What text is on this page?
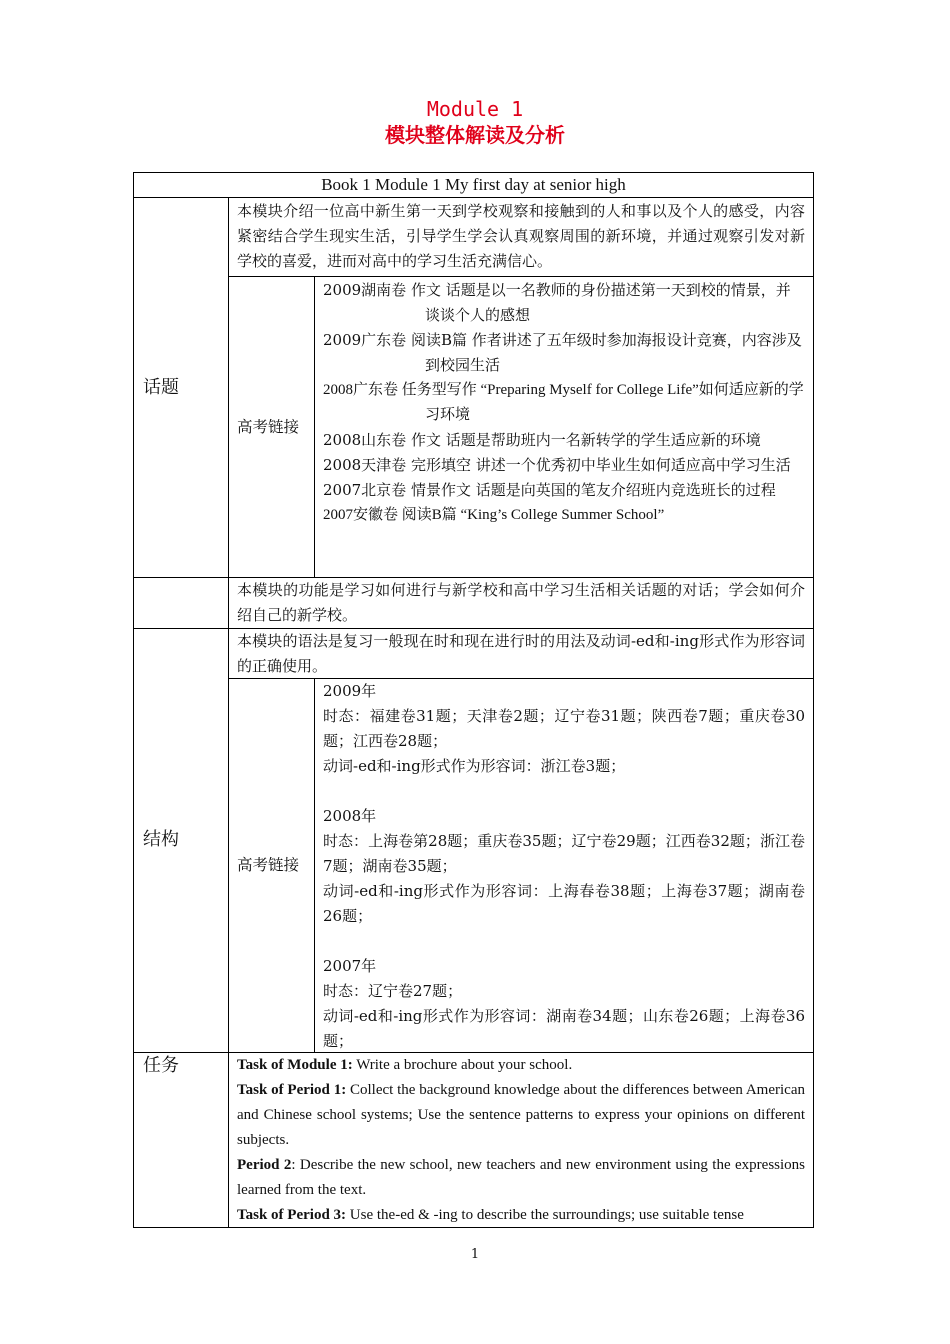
Module 1
模块整体解读及分析
Book 1 Module 1 My first day at senior high
话题
本模块介绍一位高中新生第一天到学校观察和接触到的人和事以及个人的感受，内容紧密结合学生现实生活，引导学生学会认真观察周围的新环境，并通过观察引发对新学校的喜爱，进而对高中的学习生活充满信心。
高考链接

2009湖南卷 作文 话题是以一名教师的身份描述第一天到校的情景，并谈谈个人的感想

2009广东卷 阅读B篇 作者讲述了五年级时参加海报设计竞赛，内容涉及到校园生活

2008广东卷 任务型写作 “Preparing Myself for College Life”如何适应新的学习环境

2008山东卷 作文 话题是帮助班内一名新转学的学生适应新的环境

2008天津卷 完形填空 讲述一个优秀初中毕业生如何适应高中学习生活

2007北京卷 情景作文 话题是向英国的笔友介绍班内竞选班长的过程

2007安徽卷 阅读B篇 “King’s College Summer School”

本模块的功能是学习如何进行与新学校和高中学习生活相关话题的对话；学会如何介绍自己的新学校。
结构
本模块的语法是复习一般现在时和现在进行时的用法及动词-ed和-ing形式作为形容词的正确使用。
高考链接

2009年

时态：福建卷31题；天津卷2题；辽宁卷31题；陕西卷7题；重庆卷30题；江西卷28题；

动词-ed和-ing形式作为形容词：浙江卷3题；

2008年

时态：上海卷第28题；重庆卷35题；辽宁卷29题；江西卷32题；浙江卷7题；湖南卷35题；

动词-ed和-ing形式作为形容词：上海春卷38题；上海卷37题；湖南卷26题；

2007年

时态：辽宁卷27题；

动词-ed和-ing形式作为形容词：湖南卷34题；山东卷26题；上海卷36题；

任务	Task of Module 1: Write a brochure about your school.

Task of Period 1: Collect the background knowledge about the differences between American and Chinese school systems; Use the sentence patterns to express your opinions on different subjects.

Period 2: Describe the new school, new teachers and new environment using the expressions learned from the text.

Task of Period 3: Use the-ed & -ing to describe the surroundings; use suitable tense

1
